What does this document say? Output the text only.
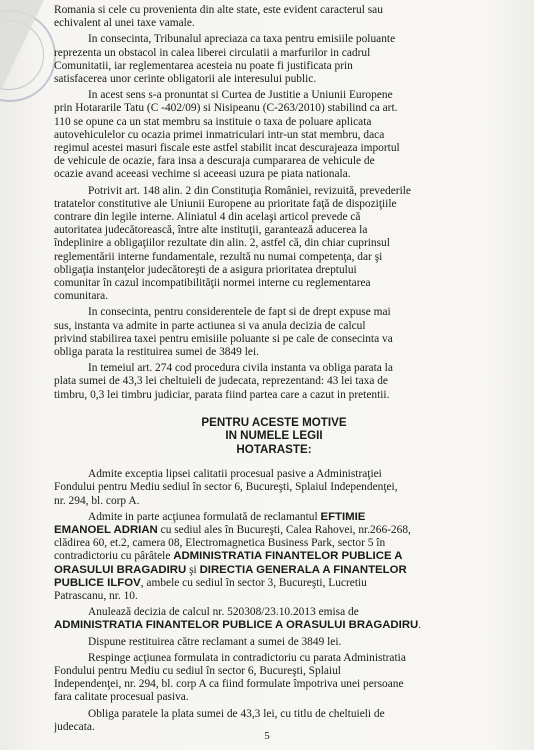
Romania si cele cu provenienta din alte state, este evident caracterul sau
echivalent al unei taxe vamale.
In consecinta, Tribunalul apreciaza ca taxa pentru emisiile poluante
reprezenta un obstacol in calea liberei circulatii a marfurilor in cadrul
Comunitatii, iar reglementarea acesteia nu poate fi justificata prin
satisfacerea unor cerinte obligatorii ale interesului public.
In acest sens s-a pronuntat si Curtea de Justitie a Uniunii Europene
prin Hotararile Tatu (C -402/09) si Nisipeanu (C-263/2010) stabilind ca art.
110 se opune ca un stat membru sa instituie o taxa de poluare aplicata
autovehiculelor cu ocazia primei inmatriculari intr-un stat membru, daca
regimul acestei masuri fiscale este astfel stabilit incat descurajeaza importul
de vehicule de ocazie, fara insa a descuraja cumpararea de vehicule de
ocazie avand aceeasi vechime si aceeasi uzura pe piata nationala.
Potrivit art. 148 alin. 2 din Constituţia României, revizuită, prevederile
tratatelor constitutive ale Uniunii Europene au prioritate faţă de dispoziţiile
contrare din legile interne. Aliniatul 4 din acelaşi articol prevede că
autoritatea judecătorească, între alte instituţii, garantează aducerea la
îndeplinire a obligaţiilor rezultate din alin. 2, astfel că, din chiar cuprinsul
reglementării interne fundamentale, rezultă nu numai competenţa, dar şi
obligaţia instanţelor judecătoreşti de a asigura prioritatea dreptului
comunitar în cazul incompatibilităţii normei interne cu reglementarea
comunitara.
In consecinta, pentru considerentele de fapt si de drept expuse mai
sus, instanta va admite in parte actiunea si va anula decizia de calcul
privind stabilirea taxei pentru emisiile poluante si pe cale de consecinta va
obliga parata la restituirea sumei de 3849 lei.
In temeiul art. 274 cod procedura civila instanta va obliga parata la
plata sumei de 43,3 lei cheltuieli de judecata, reprezentand: 43 lei taxa de
timbru, 0,3 lei timbru judiciar, parata fiind partea care a cazut in pretentii.
PENTRU ACESTE MOTIVE
IN NUMELE LEGII
HOTARASTE:
Admite exceptia lipsei calitatii procesual pasive a Administraţiei
Fondului pentru Mediu sediul în sector 6, Bucureşti, Splaiul Independenţei,
nr. 294, bl. corp A.
Admite in parte acţiunea formulată de reclamantul EFTIMIE
EMANOEL ADRIAN cu sediul ales în Bucureşti, Calea Rahovei, nr.266-268,
clădirea 60, et.2, camera 08, Electromagnetica Business Park, sector 5 în
contradictoriu cu pârâtele ADMINISTRATIA FINANTELOR PUBLICE A
ORASULUI BRAGADIRU şi DIRECTIA GENERALA A FINANTELOR
PUBLICE ILFOV, ambele cu sediul în sector 3, Bucureşti, Lucretiu
Patrascanu, nr. 10.
Anulează decizia de calcul nr. 520308/23.10.2013 emisa de
ADMINISTRATIA FINANTELOR PUBLICE A ORASULUI BRAGADIRU.
Dispune restituirea către reclamant a sumei de 3849 lei.
Respinge acţiunea formulata in contradictoriu cu parata Administratia
Fondului pentru Mediu cu sediul în sector 6, Bucureşti, Splaiul
Independenţei, nr. 294, bl. corp A ca fiind formulate împotriva unei persoane
fara calitate procesual pasiva.
Obliga paratele la plata sumei de 43,3 lei, cu titlu de cheltuieli de
judecata.
5
